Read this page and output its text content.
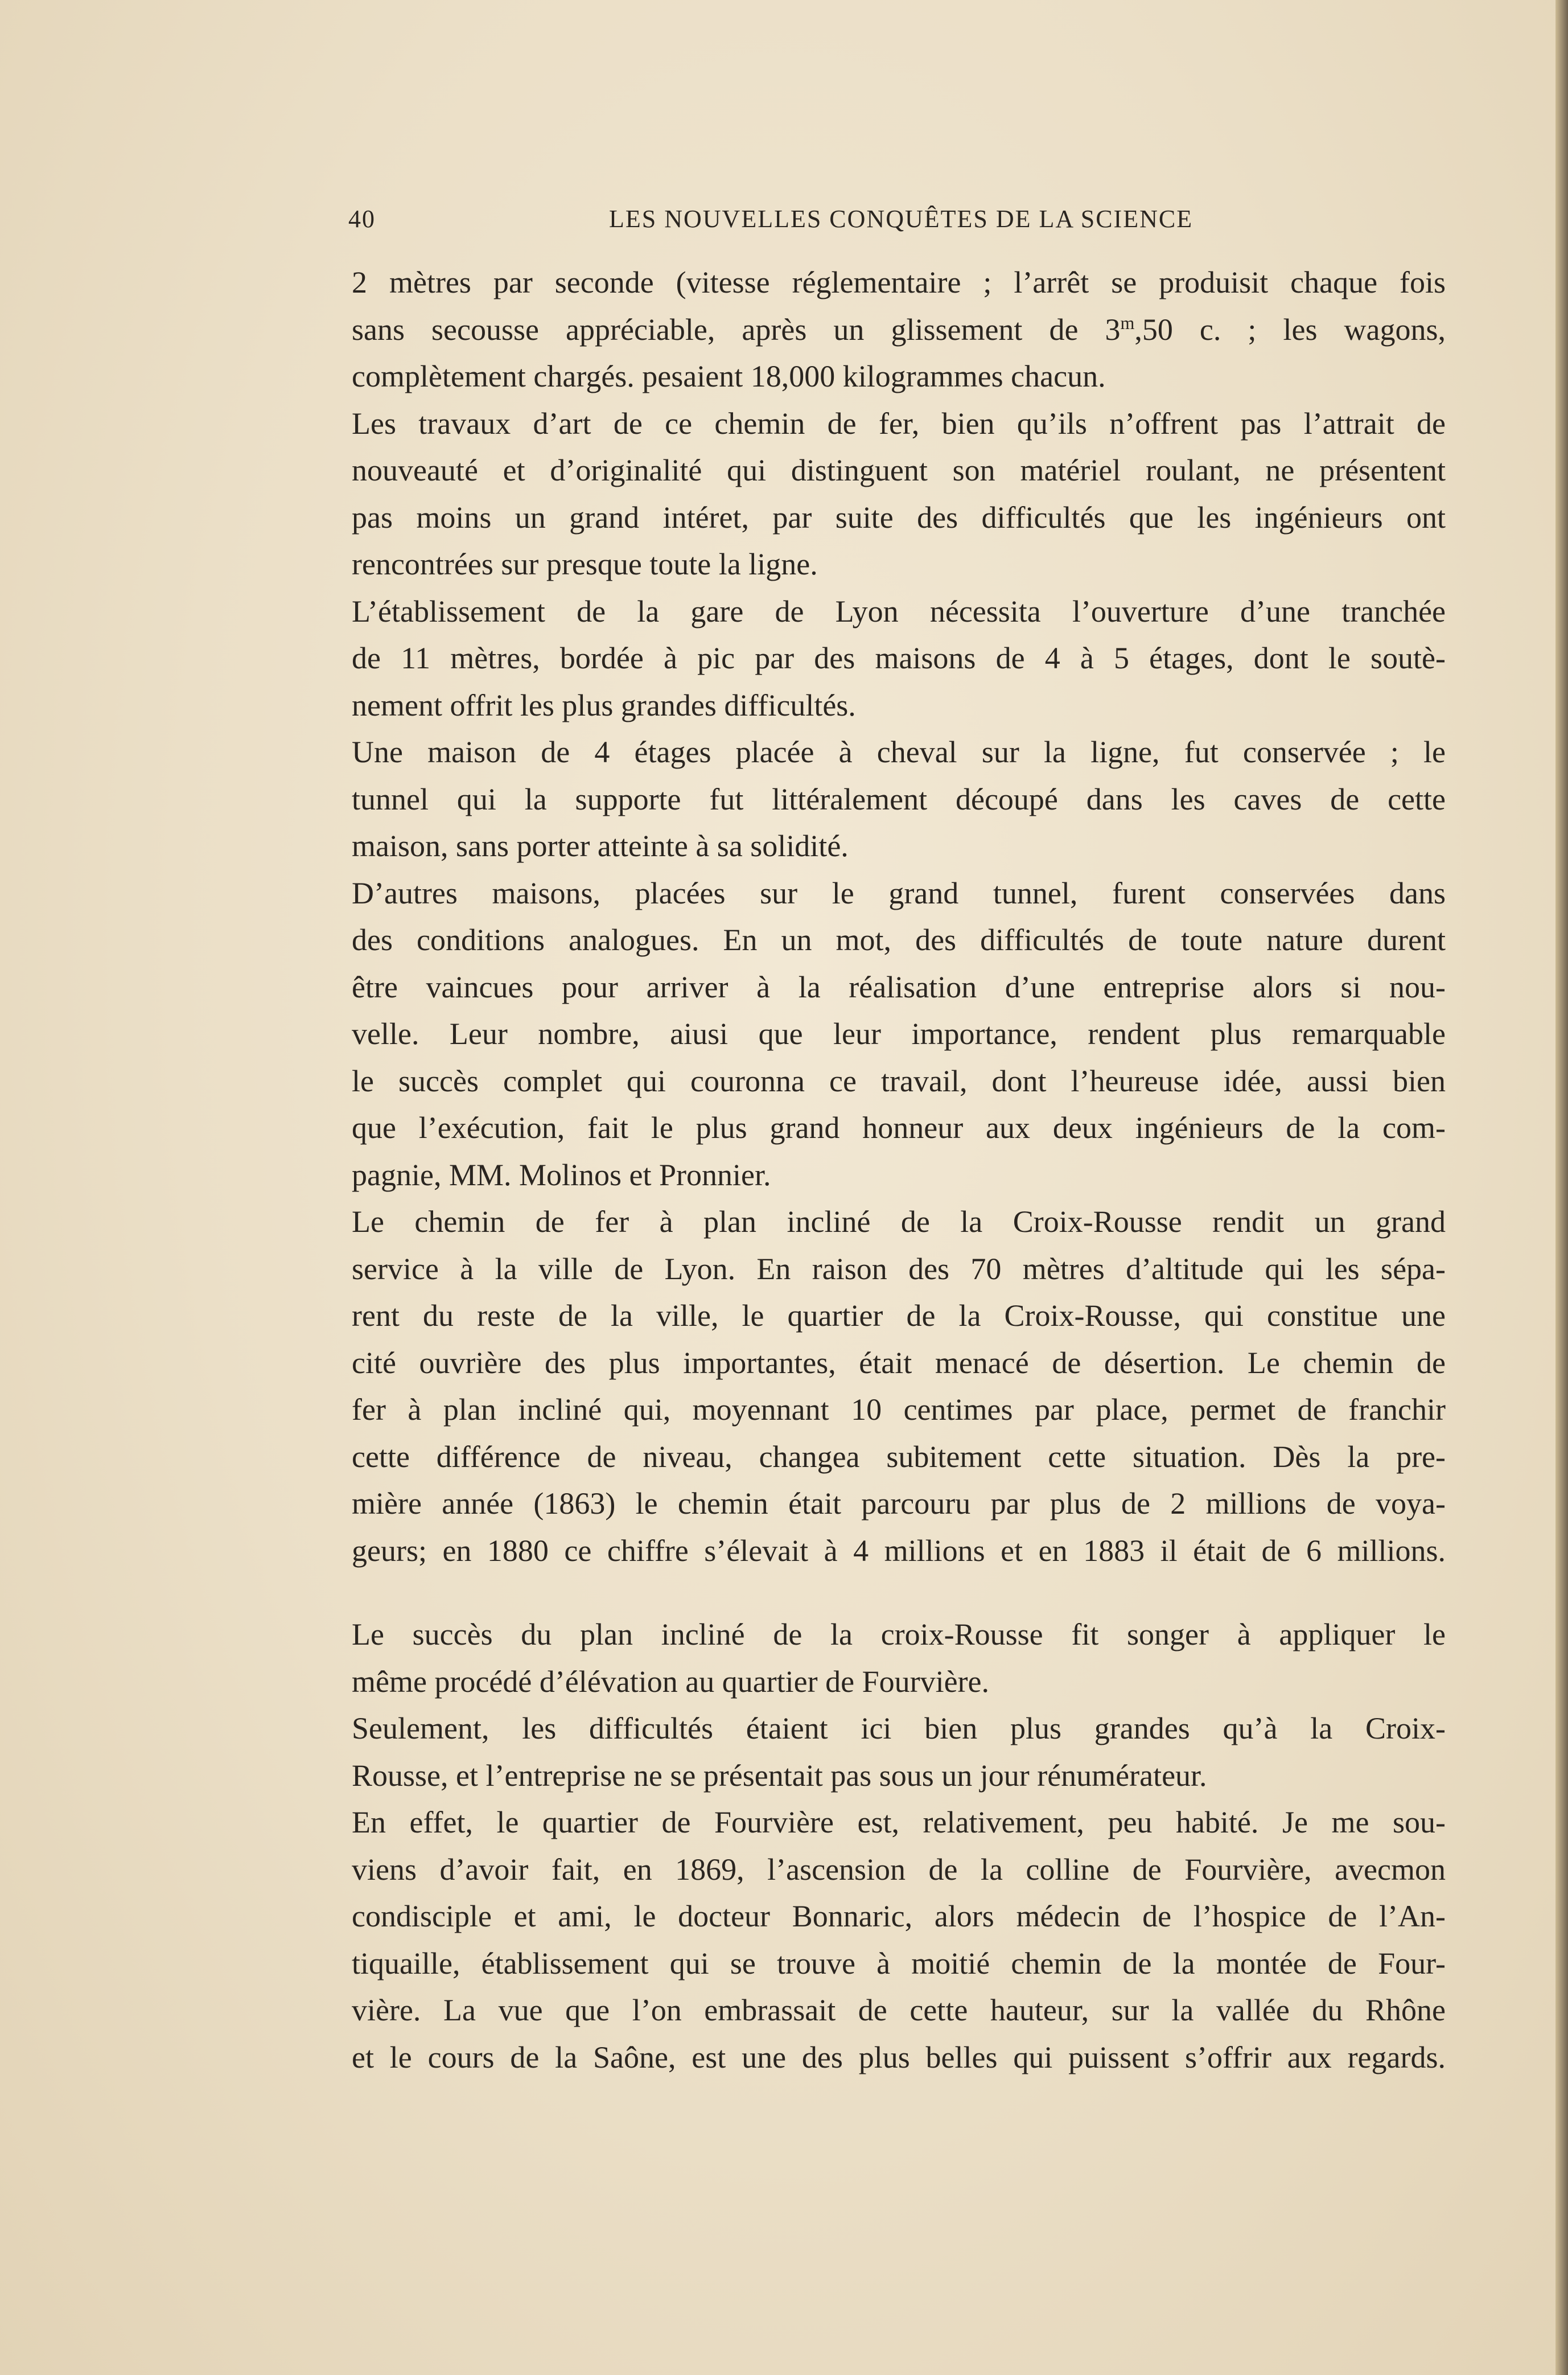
40	LES NOUVELLES CONQUÊTES DE LA SCIENCE

2 mètres par seconde (vitesse réglementaire ; l’arrêt se produisit chaque fois

sans secousse appréciable, après un glissement de 3$^m$,50 c. ; les wagons,

complètement chargés. pesaient 18,000 kilogrammes chacun.

Les travaux d’art de ce chemin de fer, bien qu’ils n’offrent pas l’attrait de

nouveauté et d’originalité qui distinguent son matériel roulant, ne présentent

pas moins un grand intéret, par suite des difficultés que les ingénieurs ont

rencontrées sur presque toute la ligne.

L’établissement de la gare de Lyon nécessita l’ouverture d’une tranchée

de 11 mètres, bordée à pic par des maisons de 4 à 5 étages, dont le soutè-

nement offrit les plus grandes difficultés.

Une maison de 4 étages placée à cheval sur la ligne, fut conservée ; le

tunnel qui la supporte fut littéralement découpé dans les caves de cette

maison, sans porter atteinte à sa solidité.

D’autres maisons, placées sur le grand tunnel, furent conservées dans

des conditions analogues. En un mot, des difficultés de toute nature durent

être vaincues pour arriver à la réalisation d’une entreprise alors si nou-

velle. Leur nombre, aiusi que leur importance, rendent plus remarquable

le succès complet qui couronna ce travail, dont l’heureuse idée, aussi bien

que l’exécution, fait le plus grand honneur aux deux ingénieurs de la com-

pagnie, MM. Molinos et Pronnier.

Le chemin de fer à plan incliné de la Croix-Rousse rendit un grand

service à la ville de Lyon. En raison des 70 mètres d’altitude qui les sépa-

rent du reste de la ville, le quartier de la Croix-Rousse, qui constitue une

cité ouvrière des plus importantes, était menacé de désertion. Le chemin de

fer à plan incliné qui, moyennant 10 centimes par place, permet de franchir

cette différence de niveau, changea subitement cette situation. Dès la pre-

mière année (1863) le chemin était parcouru par plus de 2 millions de voya-

geurs; en 1880 ce chiffre s’élevait à 4 millions et en 1883 il était de 6 millions.

Le succès du plan incliné de la croix-Rousse fit songer à appliquer le

même procédé d’élévation au quartier de Fourvière.

Seulement, les difficultés étaient ici bien plus grandes qu’à la Croix-

Rousse, et l’entreprise ne se présentait pas sous un jour rénumérateur.

En effet, le quartier de Fourvière est, relativement, peu habité. Je me sou-

viens d’avoir fait, en 1869, l’ascension de la colline de Fourvière, avecmon

condisciple et ami, le docteur Bonnaric, alors médecin de l’hospice de l’An-

tiquaille, établissement qui se trouve à moitié chemin de la montée de Four-

vière. La vue que l’on embrassait de cette hauteur, sur la vallée du Rhône

et le cours de la Saône, est une des plus belles qui puissent s’offrir aux regards.
